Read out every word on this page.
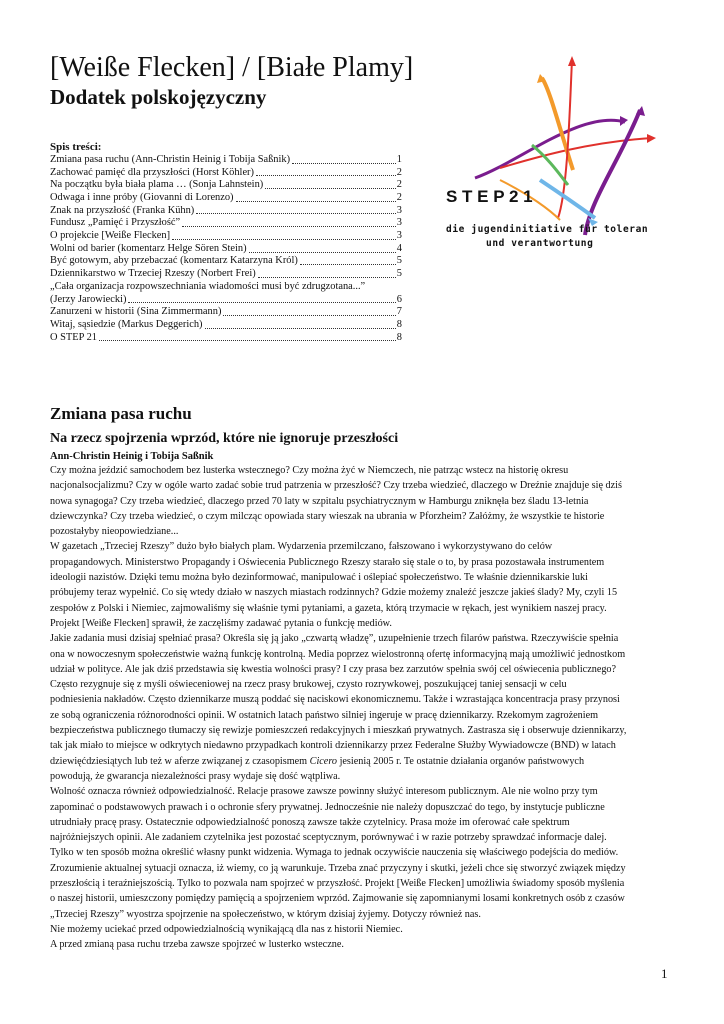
[Weiße Flecken] / [Białe Plamy]
Dodatek polskojęzyczny
Spis treści:
Zmiana pasa ruchu (Ann-Christin Heinig i Tobija Saßnik)	1
Zachować pamięć dla przyszłości (Horst Köhler)	2
Na początku była biała plama … (Sonja Lahnstein)	2
Odwaga i inne próby (Giovanni di Lorenzo)	2
Znak na przyszłość (Franka Kühn)	3
Fundusz „Pamięć i Przyszłość”	3
O projekcie [Weiße Flecken]	3
Wolni od barier (komentarz Helge Sören Stein)	4
Być gotowym, aby przebaczać (komentarz Katarzyna Król)	5
Dziennikarstwo w Trzeciej Rzeszy (Norbert Frei)	5
„Cała organizacja rozpowszechniania wiadomości musi być zdrugzotana...”
(Jerzy Jarowiecki)	6
Zanurzeni w historii (Sina Zimmermann)	7
Witaj, sąsiedzie (Markus Deggerich)	8
O STEP 21	8
S T E P 2 1
die jugendinitiative für toleran
und verantwortung
Zmiana pasa ruchu
Na rzecz spojrzenia wprzód, które nie ignoruje przeszłości
Ann-Christin Heinig i Tobija Saßnik
Czy można jeździć samochodem bez lusterka wstecznego? Czy można żyć w Niemczech, nie patrząc wstecz na historię okresu
nacjonalsocjalizmu? Czy w ogóle warto zadać sobie trud patrzenia w przeszłość? Czy trzeba wiedzieć, dlaczego w Dreźnie znajduje się dziś
nowa synagoga? Czy trzeba wiedzieć, dlaczego przed 70 laty w szpitalu psychiatrycznym w Hamburgu zniknęła bez śladu 13-letnia
dziewczynka? Czy trzeba wiedzieć, o czym milcząc opowiada stary wieszak na ubrania w Pforzheim? Załóżmy, że wszystkie te historie
pozostałyby nieopowiedziane...
W gazetach „Trzeciej Rzeszy” dużo było białych plam. Wydarzenia przemilczano, fałszowano i wykorzystywano do celów
propagandowych. Ministerstwo Propagandy i Oświecenia Publicznego Rzeszy starało się stale o to, by prasa pozostawała instrumentem
ideologii nazistów. Dzięki temu można było dezinformować, manipulować i oślepiać społeczeństwo. Te właśnie dziennikarskie luki
próbujemy teraz wypełnić. Co się wtedy działo w naszych miastach rodzinnych? Gdzie możemy znaleźć jeszcze jakieś ślady? My, czyli 15
zespołów z Polski i Niemiec, zajmowaliśmy się właśnie tymi pytaniami, a gazeta, którą trzymacie w rękach, jest wynikiem naszej pracy.
Projekt [Weiße Flecken] sprawił, że zaczęliśmy zadawać pytania o funkcję mediów.
Jakie zadania musi dzisiaj spełniać prasa? Określa się ją jako „czwartą władzę”, uzupełnienie trzech filarów państwa. Rzeczywiście spełnia
ona w nowoczesnym społeczeństwie ważną funkcję kontrolną. Media poprzez wielostronną ofertę informacyjną mają umożliwić jednostkom
udział w polityce. Ale jak dziś przedstawia się kwestia wolności prasy? I czy prasa bez zarzutów spełnia swój cel oświecenia publicznego?
Często rezygnuje się z myśli oświeceniowej na rzecz prasy brukowej, czysto rozrywkowej, poszukującej taniej sensacji w celu
podniesienia nakładów. Często dziennikarze muszą poddać się naciskowi ekonomicznemu. Także i wzrastająca koncentracja prasy przynosi
ze sobą ograniczenia różnorodności opinii. W ostatnich latach państwo silniej ingeruje w pracę dziennikarzy. Rzekomym zagrożeniem
bezpieczeństwa publicznego tłumaczy się rewizje pomieszczeń redakcyjnych i mieszkań prywatnych. Zastrasza się i obserwuje dziennikarzy,
tak jak miało to miejsce w odkrytych niedawno przypadkach kontroli dziennikarzy przez Federalne Służby Wywiadowcze (BND) w latach
dziewięćdziesiątych lub też w aferze związanej z czasopismem Cicero jesienią 2005 r. Te ostatnie działania organów państwowych
powodują, że gwarancja niezależności prasy wydaje się dość wątpliwa.
Wolność oznacza również odpowiedzialność. Relacje prasowe zawsze powinny służyć interesom publicznym. Ale nie wolno przy tym
zapominać o podstawowych prawach i o ochronie sfery prywatnej. Jednocześnie nie należy dopuszczać do tego, by instytucje publiczne
utrudniały pracę prasy. Ostatecznie odpowiedzialność ponoszą zawsze także czytelnicy. Prasa może im oferować całe spektrum
najróżniejszych opinii. Ale zadaniem czytelnika jest pozostać sceptycznym, porównywać i w razie potrzeby sprawdzać informacje dalej.
Tylko w ten sposób można określić własny punkt widzenia. Wymaga to jednak oczywiście nauczenia się właściwego podejścia do mediów.
Zrozumienie aktualnej sytuacji oznacza, iż wiemy, co ją warunkuje. Trzeba znać przyczyny i skutki, jeżeli chce się stworzyć związek między
przeszłością i teraźniejszością. Tylko to pozwala nam spojrzeć w przyszłość. Projekt [Weiße Flecken] umożliwia świadomy sposób myślenia
o naszej historii, umieszczony pomiędzy pamięcią a spojrzeniem wprzód. Zajmowanie się zapomnianymi losami konkretnych osób z czasów
„Trzeciej Rzeszy” wyostrza spojrzenie na społeczeństwo, w którym dzisiaj żyjemy. Dotyczy również nas.
Nie możemy uciekać przed odpowiedzialnością wynikającą dla nas z historii Niemiec.
A przed zmianą pasa ruchu trzeba zawsze spojrzeć w lusterko wsteczne.
1
